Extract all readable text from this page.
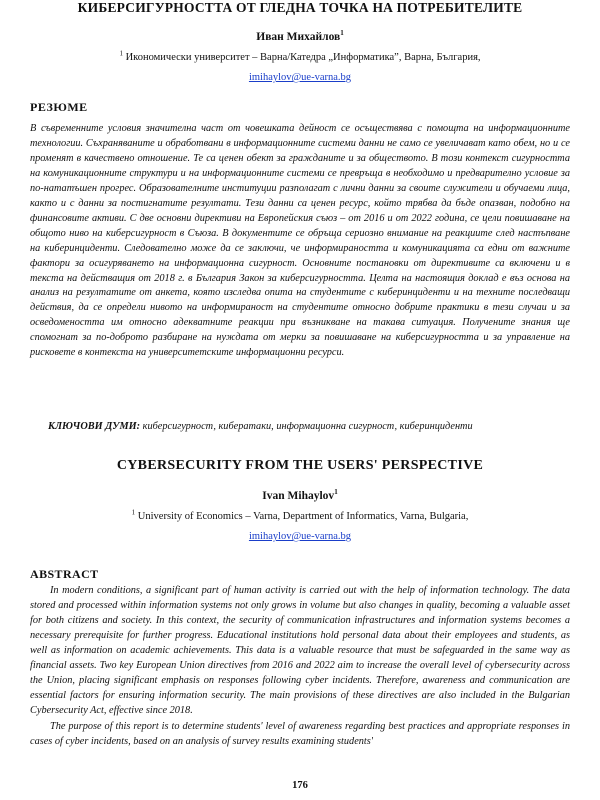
КИБЕРСИГУРНОСТТА ОТ ГЛЕДНА ТОЧКА НА ПОТРЕБИТЕЛИТЕ
Иван Михайлов$^1$
$^1$ Икономически университет – Варна/Катедра „Информатика”, Варна, България,
imihaylov@ue-varna.bg
РЕЗЮМЕ
В съвременните условия значителна част от човешката дейност се осъществява с помощта на информационните технологии. Съхраняваните и обработвани в информационните системи данни не само се увеличават като обем, но и се променят в качествено отношение. Те са ценен обект за гражданите и за обществото. В този контекст сигурността на комуникационните структури и на информационните системи се превръща в необходимо и предварително условие за по-нататъшен прогрес. Образователните институции разполагат с лични данни за своите служители и обучаеми лица, както и с данни за постигнатите резултати. Тези данни са ценен ресурс, който трябва да бъде опазван, подобно на финансовите активи. С две основни директиви на Европейския съюз – от 2016 и от 2022 година, се цели повишаване на общото ниво на киберсигурност в Съюза. В документите се обръща сериозно внимание на реакциите след настъпване на киберинциденти. Следователно може да се заключи, че информираността и комуникацията са едни от важните фактори за осигуряването на информационна сигурност. Основните постановки от директивите са включени и в текста на действащия от 2018 г. в България Закон за киберсигурността. Целта на настоящия доклад е въз основа на анализ на резултатите от анкета, която изследва опита на студентите с киберинциденти и на техните последващи действия, да се определи нивото на информираност на студентите относно добрите практики в тези случаи и за осведомеността им относно адекватните реакции при възникване на такава ситуация. Получените знания ще спомогнат за по-доброто разбиране на нуждата от мерки за повишаване на киберсигурността и за управление на рисковете в контекста на университетските информационни ресурси.
КЛЮЧОВИ ДУМИ: киберсигурност, кибератаки, информационна сигурност, киберинциденти
CYBERSECURITY FROM THE USERS' PERSPECTIVE
Ivan Mihaylov$^1$
$^1$ University of Economics – Varna, Department of Informatics, Varna, Bulgaria,
imihaylov@ue-varna.bg
ABSTRACT

In modern conditions, a significant part of human activity is carried out with the help of information technology. The data stored and processed within information systems not only grows in volume but also changes in quality, becoming a valuable asset for both citizens and society. In this context, the security of communication infrastructures and information systems becomes a necessary prerequisite for further progress. Educational institutions hold personal data about their employees and students, as well as information on academic achievements. This data is a valuable resource that must be safeguarded in the same way as financial assets. Two key European Union directives from 2016 and 2022 aim to increase the overall level of cybersecurity across the Union, placing significant emphasis on responses following cyber incidents. Therefore, awareness and communication are essential factors for ensuring information security. The main provisions of these directives are also included in the Bulgarian Cybersecurity Act, effective since 2018.

The purpose of this report is to determine students' level of awareness regarding best practices and appropriate responses in cases of cyber incidents, based on an analysis of survey results examining students'

176
